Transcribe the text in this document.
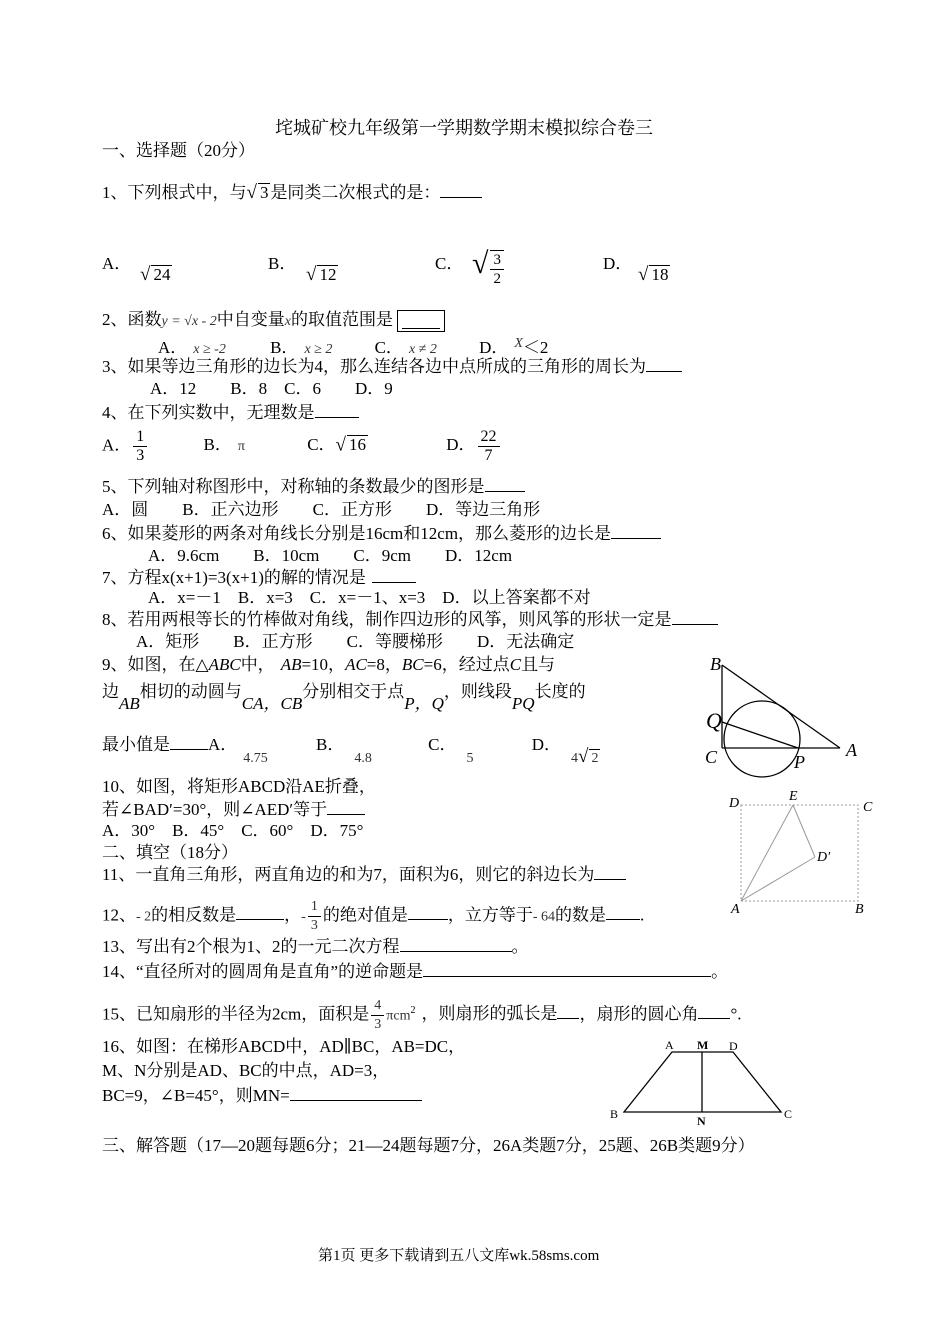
垞城矿校九年级第一学期数学期末模拟综合卷三
一、选择题（20分）
1、下列根式中，与√ 3 是同类二次根式的是：
A．
√ 24
B．
√ 12
C． √ $\frac{3}{2}$	D．
√ 18
2、函数y = √x - 2中自变量x的取值范围是
A． x ≥ -2	B． x ≥ 2 C． x ≠ 2 D． $^X$＜2
3、如果等边三角形的边长为4，那么连结各边中点所成的三角形的周长为
A．12　　B．8　C．6　　D．9
4、在下列实数中，无理数是
A． $\frac{1}{3}$	B． π	C．√ 16	D． $\frac{22}{7}$
5、下列轴对称图形中，对称轴的条数最少的图形是
A．圆　　B．正六边形　　C．正方形　　D．等边三角形
6、如果菱形的两条对角线长分别是16cm和12cm，那么菱形的边长是
A．9.6cm　　B．10cm　　C．9cm　　D．12cm
7、方程x(x+1)=3(x+1)的解的情况是
A．x=－1　B．x=3　C．x=－1、x=3　D．以上答案都不对
8、若用两根等长的竹棒做对角线，制作四边形的风筝，则风筝的形状一定是
A．矩形　　B．正方形　　C．等腰梯形　　D．无法确定
9、如图，在△ABC中， AB=10，AC=8，BC=6，经过点C且与
边AB相切的动圆与CA，CB分别相交于点P，Q，则线段PQ长度的
最小值是 A．$_{4.75}$ B．$_{4.8}$ C．$_5$ D．4√ 2
B
Q
C	P
A
10、如图，将矩形ABCD沿AE折叠，
若∠BAD′=30°，则∠AED′等于
A．30°　B．45°　C．60°　D．75°
D	E
C
D′
A	B
二、填空（18分）
11、一直角三角形，两直角边的和为7，面积为6，则它的斜边长为
12、- 2的相反数是	，- $\frac{1}{3}$ 的绝对值是 ，立方等于- 64的数是 .
13、写出有2个根为1、2的一元二次方程	。
14、“直径所对的圆周角是直角”的逆命题是	。
15、已知扇形的半径为2cm，面积是 $\frac{4}{3} \pi cm^2$ ，则扇形的弧长是 ，扇形的圆心角 °.
16、如图：在梯形ABCD中，AD∥BC，AB=DC，
M、N分别是AD、BC的中点，AD=3，
BC=9，∠B=45°，则MN=
A M D
B	N	C
三、解答题（17—20题每题6分；21—24题每题7分，26A类题7分，25题、26B类题9分）
第1页 更多下载请到五八文库wk.58sms.com
